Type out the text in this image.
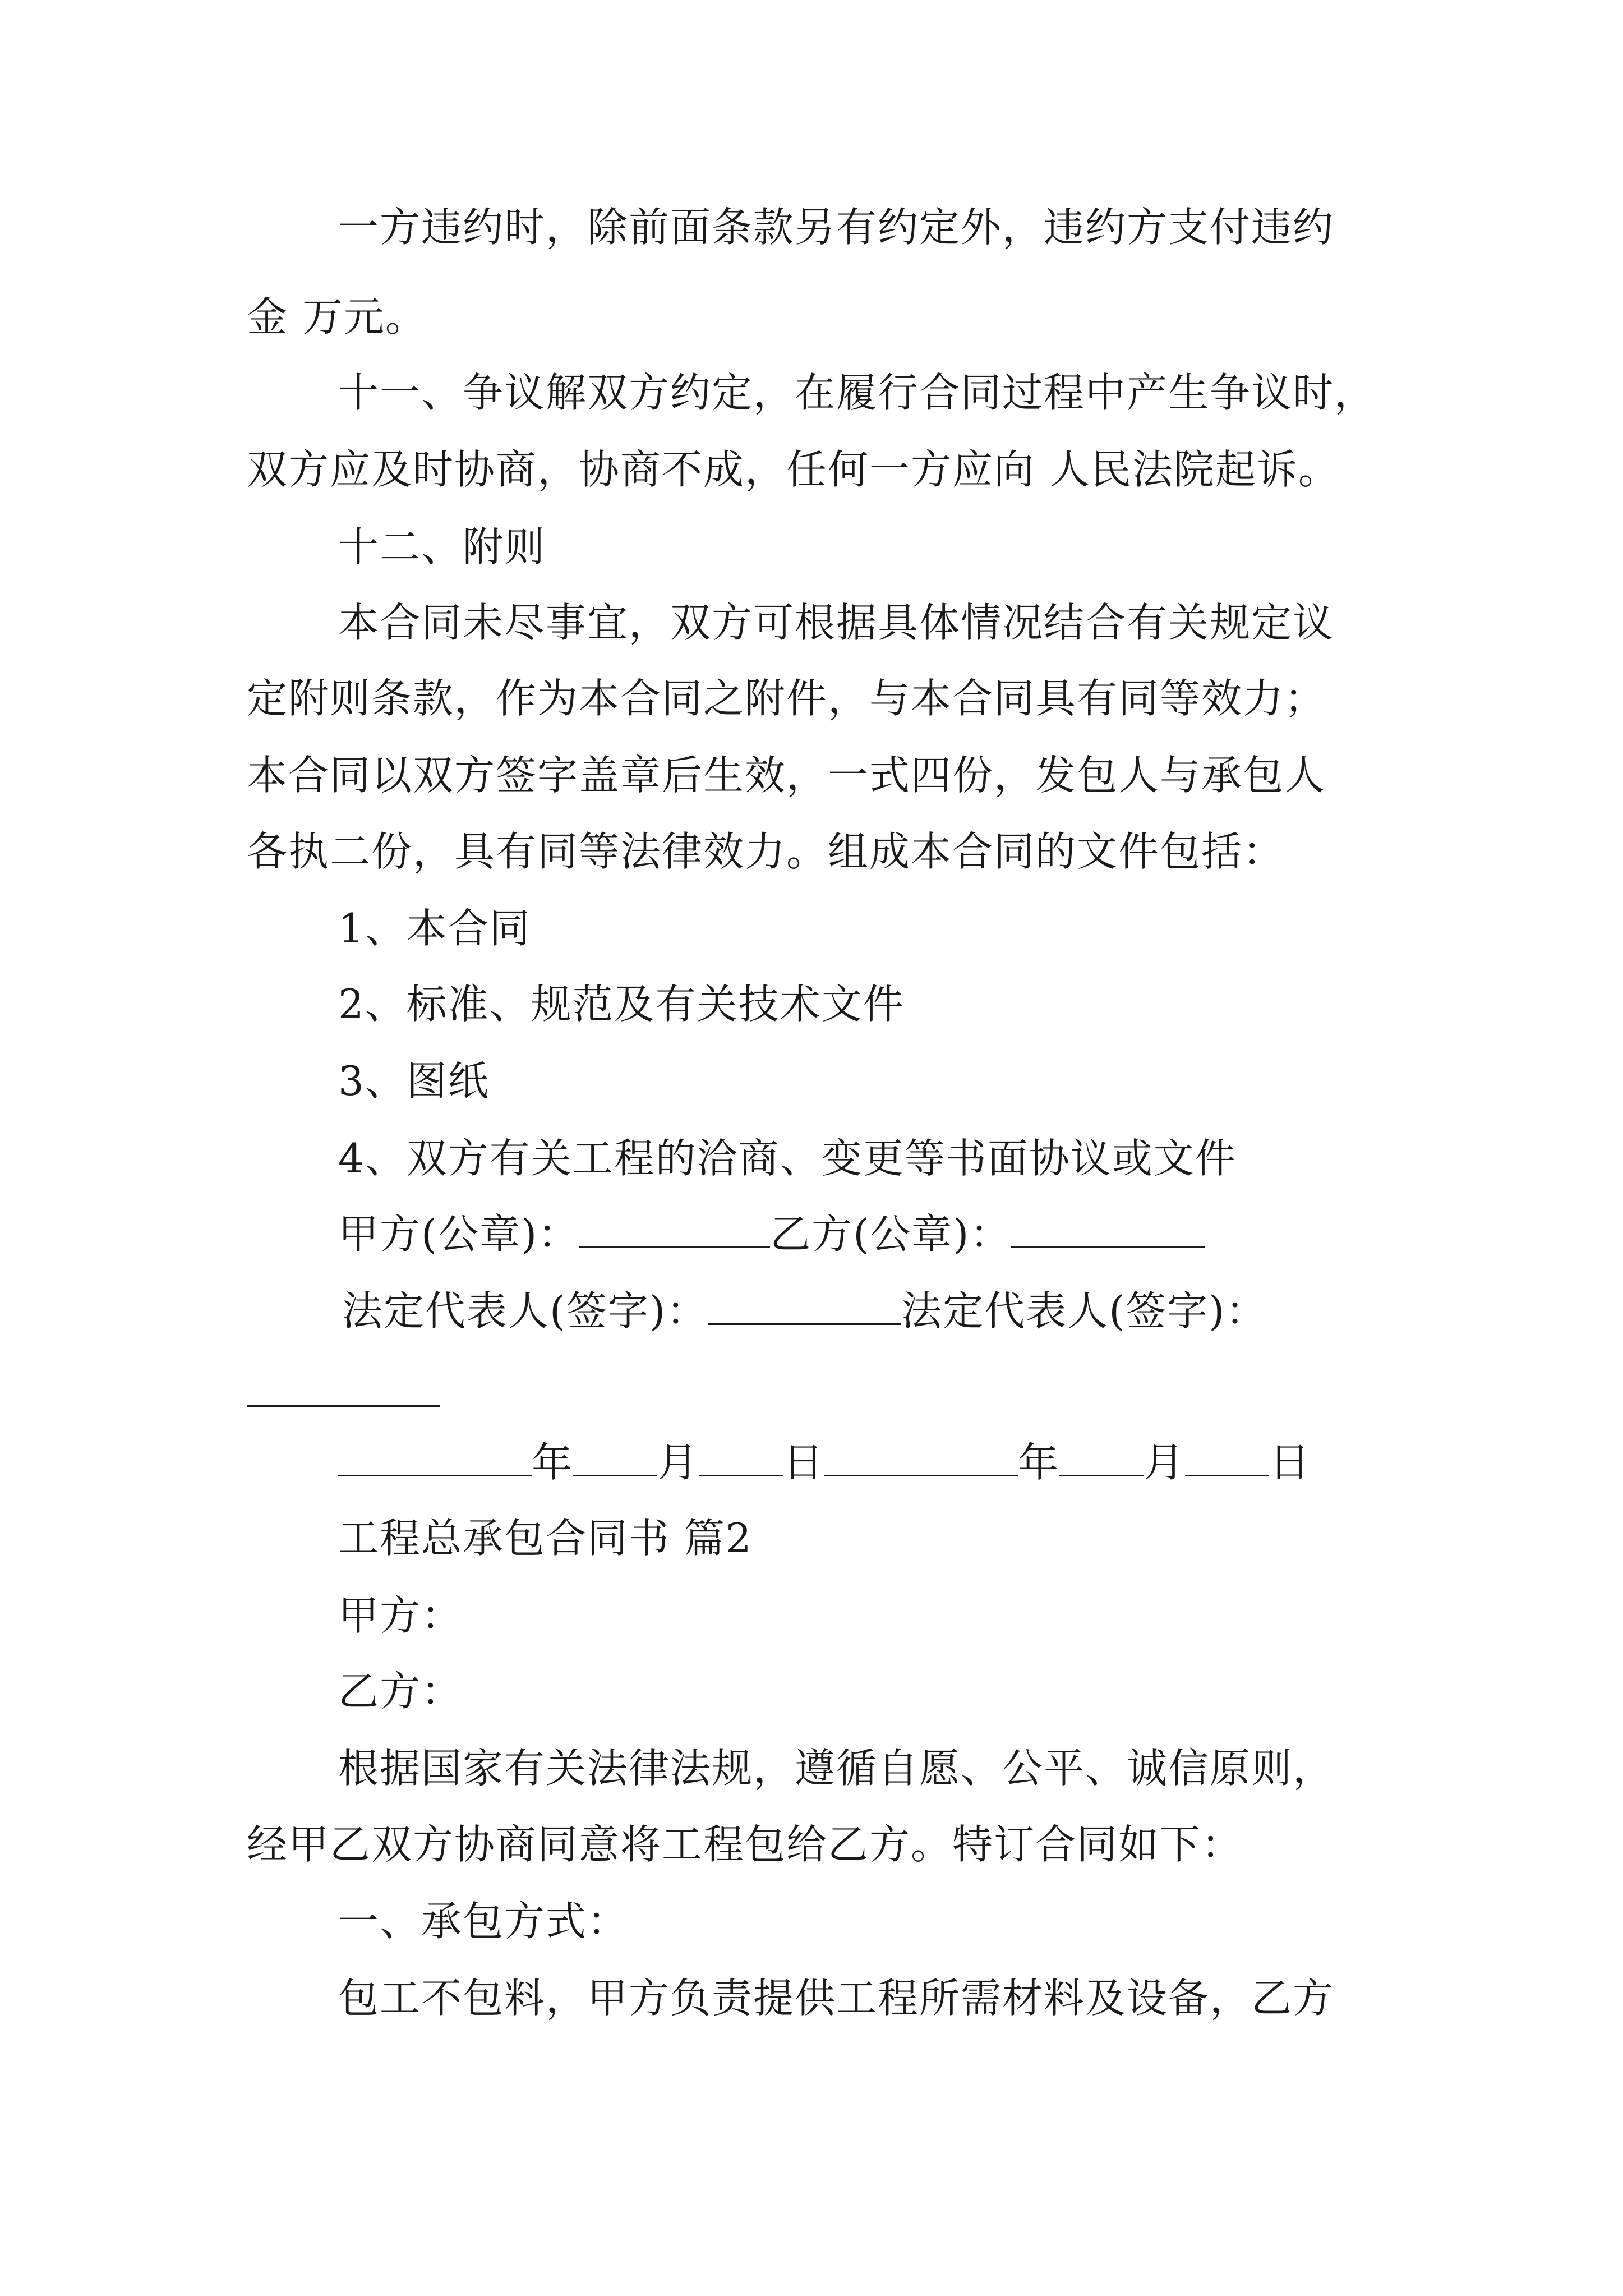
一方违约时，除前面条款另有约定外，违约方支付违约
金 万元。
十一、争议解双方约定，在履行合同过程中产生争议时，
双方应及时协商，协商不成，任何一方应向 人民法院起诉。
十二、附则
本合同未尽事宜，双方可根据具体情况结合有关规定议
定附则条款，作为本合同之附件，与本合同具有同等效力；
本合同以双方签字盖章后生效，一式四份，发包人与承包人
各执二份，具有同等法律效力。组成本合同的文件包括：
1、本合同
2、标准、规范及有关技术文件
3、图纸
4、双方有关工程的洽商、变更等书面协议或文件
甲方(公章)：	乙方(公章)：
法定代表人(签字)：	法定代表人(签字)：
年 月 日	年 月 日
工程总承包合同书 篇2
甲方：
乙方：
根据国家有关法律法规，遵循自愿、公平、诚信原则，
经甲乙双方协商同意将工程包给乙方。特订合同如下：
一、承包方式：
包工不包料，甲方负责提供工程所需材料及设备，乙方
